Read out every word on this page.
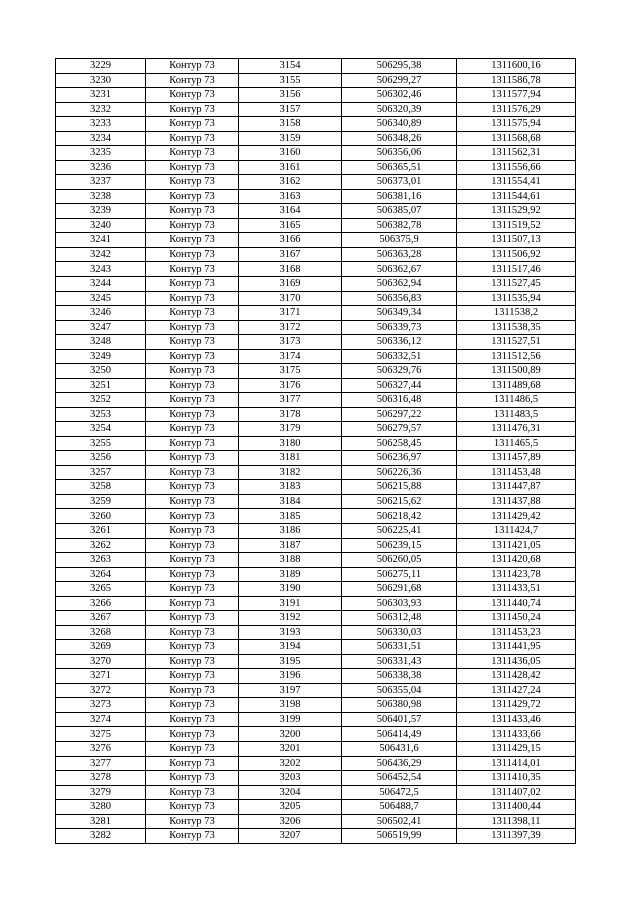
3229	Контур 73	3154	506295,38	1311600,16
3230	Контур 73	3155	506299,27	1311586,78
3231	Контур 73	3156	506302,46	1311577,94
3232	Контур 73	3157	506320,39	1311576,29
3233	Контур 73	3158	506340,89	1311575,94
3234	Контур 73	3159	506348,26	1311568,68
3235	Контур 73	3160	506356,06	1311562,31
3236	Контур 73	3161	506365,51	1311556,66
3237	Контур 73	3162	506373,01	1311554,41
3238	Контур 73	3163	506381,16	1311544,61
3239	Контур 73	3164	506385,07	1311529,92
3240	Контур 73	3165	506382,78	1311519,52
3241	Контур 73	3166	506375,9	1311507,13
3242	Контур 73	3167	506363,28	1311506,92
3243	Контур 73	3168	506362,67	1311517,46
3244	Контур 73	3169	506362,94	1311527,45
3245	Контур 73	3170	506356,83	1311535,94
3246	Контур 73	3171	506349,34	1311538,2
3247	Контур 73	3172	506339,73	1311538,35
3248	Контур 73	3173	506336,12	1311527,51
3249	Контур 73	3174	506332,51	1311512,56
3250	Контур 73	3175	506329,76	1311500,89
3251	Контур 73	3176	506327,44	1311489,68
3252	Контур 73	3177	506316,48	1311486,5
3253	Контур 73	3178	506297,22	1311483,5
3254	Контур 73	3179	506279,57	1311476,31
3255	Контур 73	3180	506258,45	1311465,5
3256	Контур 73	3181	506236,97	1311457,89
3257	Контур 73	3182	506226,36	1311453,48
3258	Контур 73	3183	506215,88	1311447,87
3259	Контур 73	3184	506215,62	1311437,88
3260	Контур 73	3185	506218,42	1311429,42
3261	Контур 73	3186	506225,41	1311424,7
3262	Контур 73	3187	506239,15	1311421,05
3263	Контур 73	3188	506260,05	1311420,68
3264	Контур 73	3189	506275,11	1311423,78
3265	Контур 73	3190	506291,68	1311433,51
3266	Контур 73	3191	506303,93	1311440,74
3267	Контур 73	3192	506312,48	1311450,24
3268	Контур 73	3193	506330,03	1311453,23
3269	Контур 73	3194	506331,51	1311441,95
3270	Контур 73	3195	506331,43	1311436,05
3271	Контур 73	3196	506338,38	1311428,42
3272	Контур 73	3197	506355,04	1311427,24
3273	Контур 73	3198	506380,98	1311429,72
3274	Контур 73	3199	506401,57	1311433,46
3275	Контур 73	3200	506414,49	1311433,66
3276	Контур 73	3201	506431,6	1311429,15
3277	Контур 73	3202	506436,29	1311414,01
3278	Контур 73	3203	506452,54	1311410,35
3279	Контур 73	3204	506472,5	1311407,02
3280	Контур 73	3205	506488,7	1311400,44
3281	Контур 73	3206	506502,41	1311398,11
3282	Контур 73	3207	506519,99	1311397,39
